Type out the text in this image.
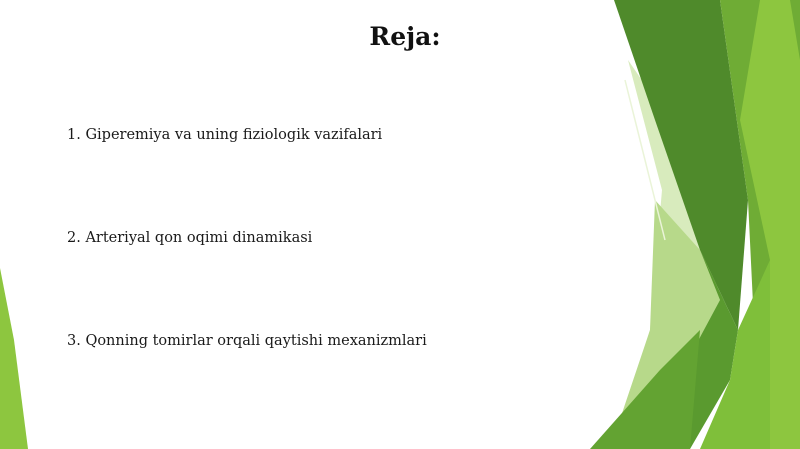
Reja:
1. Giperemiya va uning fiziologik vazifalari
2. Arteriyal qon oqimi dinamikasi
3. Qonning tomirlar orqali qaytishi mexanizmlari
